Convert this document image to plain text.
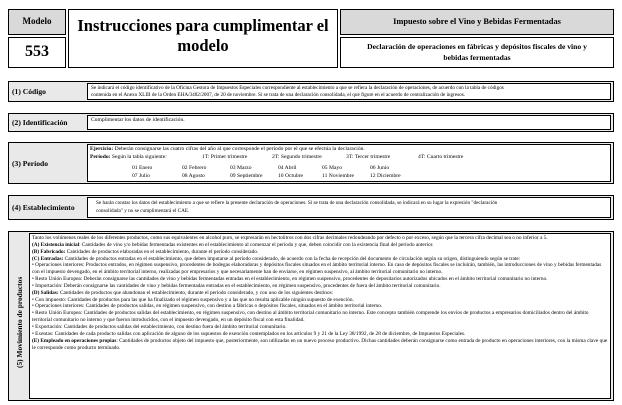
Modelo
553
Instrucciones para cumplimentar el
modelo
Impuesto sobre el Vino y Bebidas Fermentadas
Declaración de operaciones en fábricas y depósitos fiscales de vino y
bebidas fermentadas
(1) Código	Se indicará el código identificativo de la Oficina Gestora de Impuestos Especiales correspondiente al establecimiento a que se refiera la declaración de operaciones, de acuerdo con la tabla de códigos
contenida en el Anexo XLIII de la Orden EHA/3482/2007, de 20 de noviembre. Si se trata de una declaración consolidada, el que figure en el acuerdo de centralización de ingresos.
(2) Identificación	Cumplimentar los datos de identificación.
(3) Período
Ejercicio: Deberán consignarse las cuatro cifras del año al que corresponde el período por el que se efectúa la declaración.
Período: Según la tabla siguiente:	1T: Primer trimestre	2T: Segundo trimestre	3T: Tercer trimestre	4T: Cuarto trimestre
01 Enero	02 Febrero	03 Marzo	04 Abril	05 Mayo	06 Junio
07 Julio	08 Agosto	09 Septiembre	10 Octubre	11 Noviembre	12 Diciembre
(4) Establecimiento	Se harán constar los datos del establecimiento a que se refiere la presente declaración de operaciones. Si se trata de una declaración consolidada, se indicará en su lugar la expresión "declaración
consolidada" y no se cumplimentará el CAE.
(5) Movimiento de productos
Tanto los volúmenes reales de los diferentes productos, como sus equivalentes en alcohol puro, se expresarán en hectolitros con dos cifras decimales redondeando por defecto o por exceso, según que la tercera cifra decimal sea o no inferior a 5.
(A) Existencia inicial: Cantidades de vino y/o bebidas fermentadas existentes en el establecimiento al comenzar el período y que, deben coincidir con la existencia final del período anterior.
(B) Fabricado: Cantidades de productos elaboradas en el establecimiento, durante el período considerado.
(C) Entradas: Cantidades de productos entradas en el establecimiento, que deben imputarse al período considerado, de acuerdo con la fecha de recepción del documento de circulación según su origen, distinguiendo según se trate:
• Operaciones interiores: Productos entrados, en régimen suspensivo, procedentes de bodegas elaboradoras y depósitos fiscales situados en el ámbito territorial interno. En caso de depósitos fiscales se incluirán, también, las introducciones de vino y bebidas fermentadas con el impuesto devengado, en el ámbito territorial interno, realizadas por empresarios y que necesariamente han de enviarse, en régimen suspensivo, al ámbito territorial comunitario no interno.
• Resto Unión Europea: Deberán consignarse las cantidades de vino y bebidas fermentadas entradas en el establecimiento, en régimen suspensivo, procedentes de depositarios autorizados ubicados en el ámbito territorial comunitario no interno.
• Importación: Deberán consignarse las cantidades de vino y bebidas fermentadas entradas en el establecimiento, en régimen suspensivo, procedentes de fuera del ámbito territorial comunitario.
(D) Salidas: Cantidades de productos que abandonan el establecimiento, durante el período considerado, y con uno de los siguientes destinos:
• Con impuesto: Cantidades de productos para las que ha finalizado el régimen suspensivo y a las que no resulta aplicable ningún supuesto de exención.
• Operaciones interiores: Cantidades de productos salidas, en régimen suspensivo, con destino a fábricas o depósitos fiscales, situados en el ámbito territorial interno.
• Resto Unión Europea: Cantidades de productos salidas del establecimiento, en régimen suspensivo, con destino al ámbito territorial comunitario no interno. Este concepto también comprende los envíos de productos a empresarios domiciliados dentro del ámbito territorial comunitario no interno y que fueron introducidos, con el impuesto devengado, en un depósito fiscal con esta finalidad.
• Exportación: Cantidades de productos salidas del establecimiento, con destino fuera del ámbito territorial comunitario.
• Exentas: Cantidades de cada producto salidas con aplicación de alguno de los supuestos de exención contemplados en los artículos 9 y 21 de la Ley 38/1992, de 28 de diciembre, de Impuestos Especiales.
(E) Empleado en operaciones propias: Cantidades de productos objeto del impuesto que, posteriormente, son utilizadas en un nuevo proceso productivo. Dichas cantidades deberán consignarse como entrada de producto en operaciones interiores, con la misma clave que le corresponde como producto terminado.
